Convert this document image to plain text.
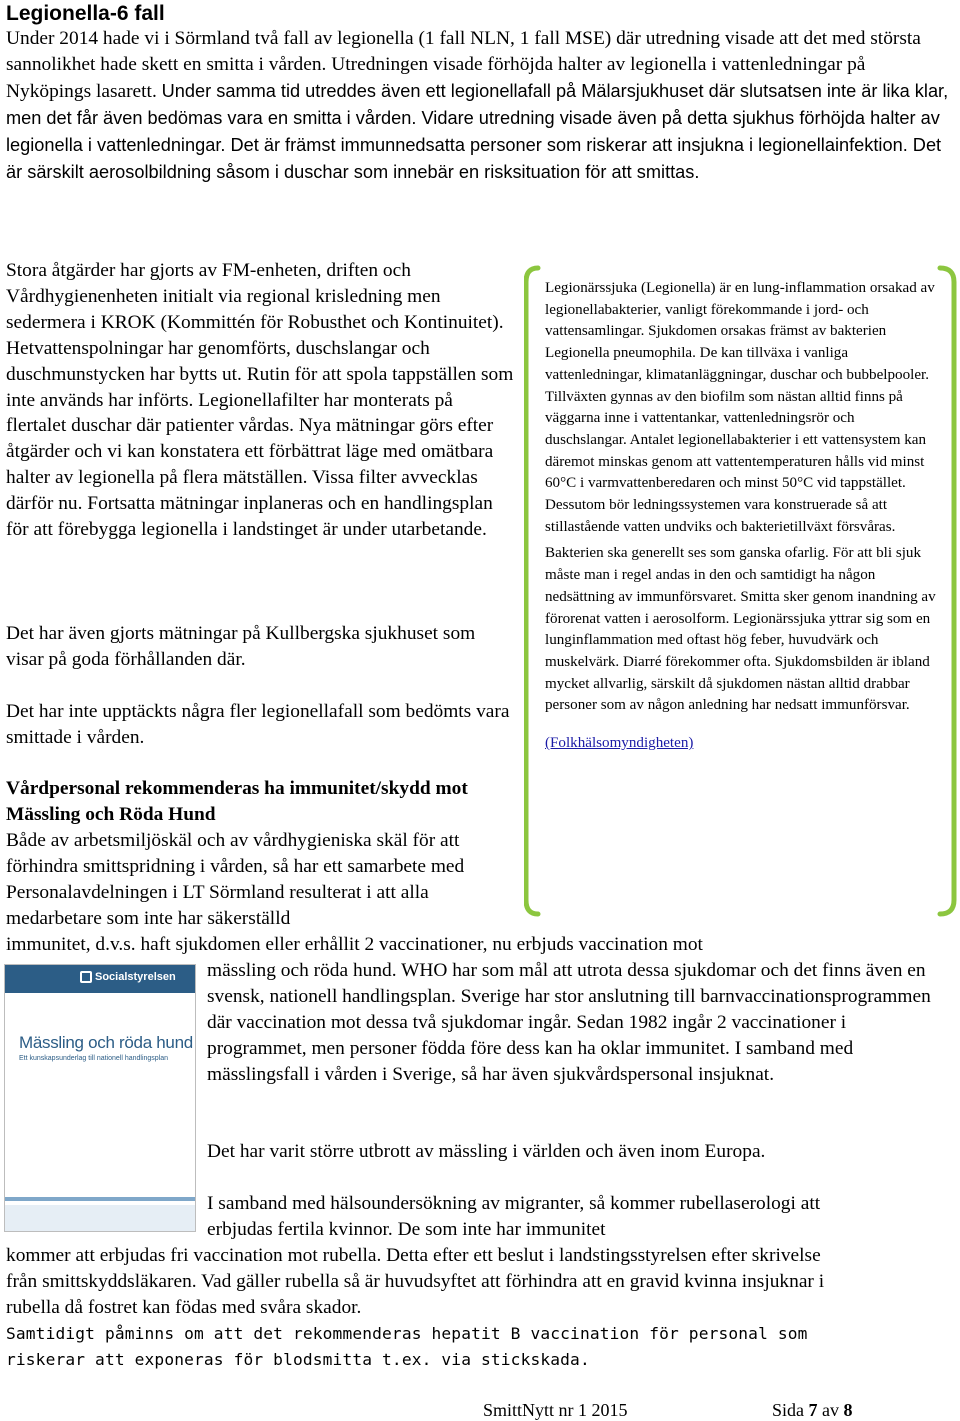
Legionella-6 fall
Under 2014 hade vi i Sörmland två fall av legionella (1 fall NLN, 1 fall MSE) där utredning visade att det med största sannolikhet hade skett en smitta i vården. Utredningen visade förhöjda halter av legionella i vattenledningar på Nyköpings lasarett. Under samma tid utreddes även ett legionellafall på Mälarsjukhuset där slutsatsen inte är lika klar, men det får även bedömas vara en smitta i vården. Vidare utredning visade även på detta sjukhus förhöjda halter av legionella i vattenledningar. Det är främst immunnedsatta personer som riskerar att insjukna i legionellainfektion. Det är särskilt aerosolbildning såsom i duschar som innebär en risksituation för att smittas.
Stora åtgärder har gjorts av FM-enheten, driften och Vårdhygienenheten initialt via regional krisledning men sedermera i KROK (Kommittén för Robusthet och Kontinuitet). Hetvattenspolningar har genomförts, duschslangar och duschmunstycken har bytts ut. Rutin för att spola tappställen som inte används har införts. Legionellafilter har monterats på flertalet duschar där patienter vårdas. Nya mätningar görs efter åtgärder och vi kan konstatera ett förbättrat läge med omätbara halter av legionella på flera mätställen. Vissa filter avvecklas därför nu. Fortsatta mätningar inplaneras och en handlingsplan för att förebygga legionella i landstinget är under utarbetande.
Det har även gjorts mätningar på Kullbergska sjukhuset som visar på goda förhållanden där.
Det har inte upptäckts några fler legionellafall som bedömts vara smittade i vården.

Legionärssjuka (Legionella) är en lung-inflammation orsakad av legionellabakterier, vanligt förekommande i jord- och vattensamlingar. Sjukdomen orsakas främst av bakterien Legionella pneumophila. De kan tillväxa i vanliga vattenledningar, klimatanläggningar, duschar och bubbelpooler. Tillväxten gynnas av den biofilm som nästan alltid finns på väggarna inne i vattentankar, vattenledningsrör och duschslangar. Antalet legionellabakterier i ett vattensystem kan däremot minskas genom att vattentemperaturen hålls vid minst 60°C i varmvattenberedaren och minst 50°C vid tappstället. Dessutom bör ledningssystemen vara konstruerade så att stillastående vatten undviks och bakterietillväxt försvåras.

Bakterien ska generellt ses som ganska ofarlig. För att bli sjuk måste man i regel andas in den och samtidigt ha någon nedsättning av immunförsvaret. Smitta sker genom inandning av förorenat vatten i aerosolform. Legionärssjuka yttrar sig som en lunginflammation med oftast hög feber, huvudvärk och muskelvärk. Diarré förekommer ofta. Sjukdomsbilden är ibland mycket allvarlig, särskilt då sjukdomen nästan alltid drabbar personer som av någon anledning har nedsatt immunförsvar.

(Folkhälsomyndigheten)

Vårdpersonal rekommenderas ha immunitet/skydd mot Mässling och Röda Hund
Både av arbetsmiljöskäl och av vårdhygieniska skäl för att förhindra smittspridning i vården, så har ett samarbete med Personalavdelningen i LT Sörmland resulterat i att alla medarbetare som inte har säkerställd
immunitet, d.v.s. haft sjukdomen eller erhållit 2 vaccinationer, nu erbjuds vaccination mot
Socialstyrelsen
Mässling och röda hund
Ett kunskapsunderlag till nationell handlingsplan
mässling och röda hund. WHO har som mål att utrota dessa sjukdomar och det finns även en svensk, nationell handlingsplan. Sverige har stor anslutning till barnvaccinationsprogrammen där vaccination mot dessa två sjukdomar ingår. Sedan 1982 ingår 2 vaccinationer i programmet, men personer födda före dess kan ha oklar immunitet. I samband med mässlingsfall i vården i Sverige, så har även sjukvårdspersonal insjuknat.
Det har varit större utbrott av mässling i världen och även inom Europa.
I samband med hälsoundersökning av migranter, så kommer rubellaserologi att erbjudas fertila kvinnor. De som inte har immunitet
kommer att erbjudas fri vaccination mot rubella. Detta efter ett beslut i landstingsstyrelsen efter skrivelse från smittskyddsläkaren. Vad gäller rubella så är huvudsyftet att förhindra att en gravid kvinna insjuknar i rubella då fostret kan födas med svåra skador.
Samtidigt påminns om att det rekommenderas hepatit B vaccination för personal som riskerar att exponeras för blodsmitta t.ex. via stickskada.
SmittNytt nr 1 2015	Sida 7 av 8
